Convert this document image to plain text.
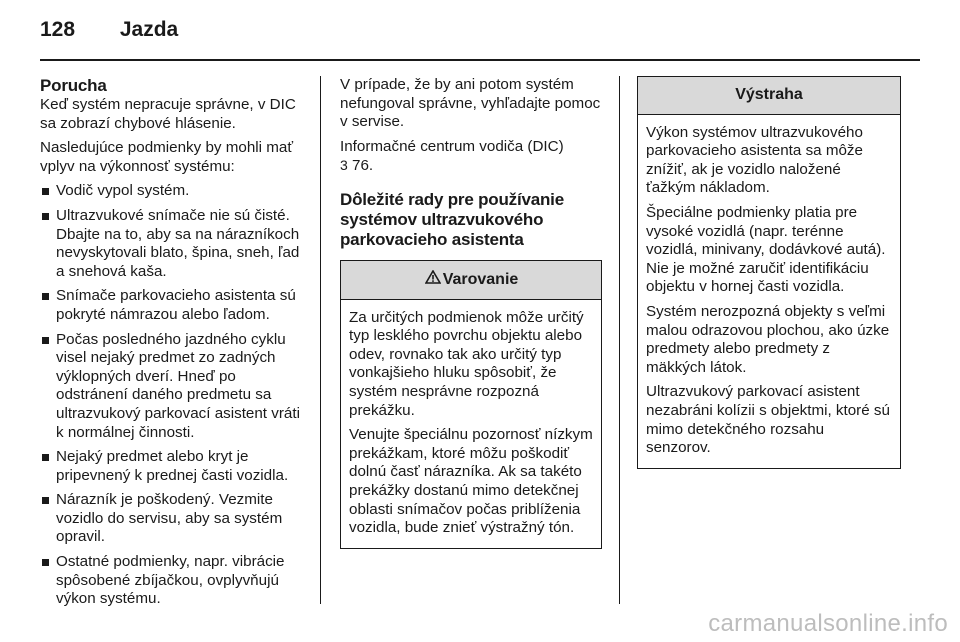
128 Jazda
Porucha

Keď systém nepracuje správne, v DIC sa zobrazí chybové hlásenie.

Nasledujúce podmienky by mohli mať vplyv na výkonnosť systému:

Vodič vypol systém.
Ultrazvukové snímače nie sú čisté. Dbajte na to, aby sa na nárazníkoch nevyskytovali blato, špina, sneh, ľad a snehová kaša.
Snímače parkovacieho asistenta sú pokryté námrazou alebo ľadom.
Počas posledného jazdného cyklu visel nejaký predmet zo zadných výklopných dverí. Hneď po odstránení daného predmetu sa ultrazvukový parkovací asistent vráti k normálnej činnosti.
Nejaký predmet alebo kryt je pripevnený k prednej časti vozidla.
Nárazník je poškodený. Vezmite vozidlo do servisu, aby sa systém opravil.
Ostatné podmienky, napr. vibrácie spôsobené zbíjačkou, ovplyvňujú výkon systému.

V prípade, že by ani potom systém nefungoval správne, vyhľadajte pomoc v servise.

Informačné centrum vodiča (DIC)
3 76.

Dôležité rady pre používanie systémov ultrazvukového parkovacieho asistenta
Varovanie

Za určitých podmienok môže určitý typ lesklého povrchu objektu alebo odev, rovnako tak ako určitý typ vonkajšieho hluku spôsobiť, že systém nesprávne rozpozná prekážku.

Venujte špeciálnu pozornosť nízkym prekážkam, ktoré môžu poškodiť dolnú časť nárazníka. Ak sa takéto prekážky dostanú mimo detekčnej oblasti snímačov počas priblíženia vozidla, bude znieť výstražný tón.

Výstraha

Výkon systémov ultrazvukového parkovacieho asistenta sa môže znížiť, ak je vozidlo naložené ťažkým nákladom.

Špeciálne podmienky platia pre vysoké vozidlá (napr. terénne vozidlá, minivany, dodávkové autá). Nie je možné zaručiť identifikáciu objektu v hornej časti vozidla.

Systém nerozpozná objekty s veľmi malou odrazovou plochou, ako úzke predmety alebo predmety z mäkkých látok.

Ultrazvukový parkovací asistent nezabráni kolízii s objektmi, ktoré sú mimo detekčného rozsahu senzorov.

carmanualsonline.info
